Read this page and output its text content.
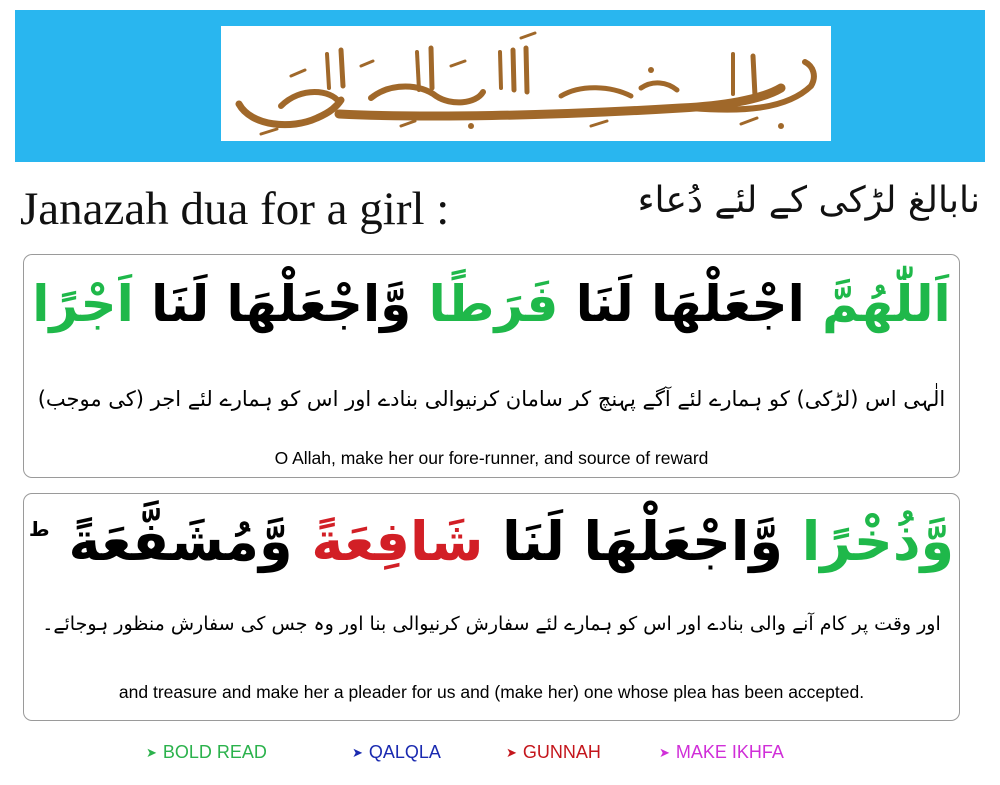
Janazah dua for a girl :	نابالغ لڑکی کے لئے دُعاء
اَللّٰهُمَّ اجْعَلْهَا لَنَا فَرَطًا وَّاجْعَلْهَا لَنَا اَجْرًا
الٰہی اس (لڑکی) کو ہمارے لئے آگے پہنچ کر سامان کرنیوالی بنادے اور اس کو ہمارے لئے اجر (کی موجب)
O Allah, make her our fore-runner, and source of reward
وَّذُخْرًا وَّاجْعَلْهَا لَنَا شَافِعَةً وَّمُشَفَّعَةً $^ط$
اور وقت پر کام آنے والی بنادے اور اس کو ہمارے لئے سفارش کرنیوالی بنا اور وہ جس کی سفارش منظور ہوجائے۔
and treasure and make her a pleader for us and (make her) one whose plea has been accepted.
➤ BOLD READ	➤ QALQLA	➤ GUNNAH	➤ MAKE IKHFA
